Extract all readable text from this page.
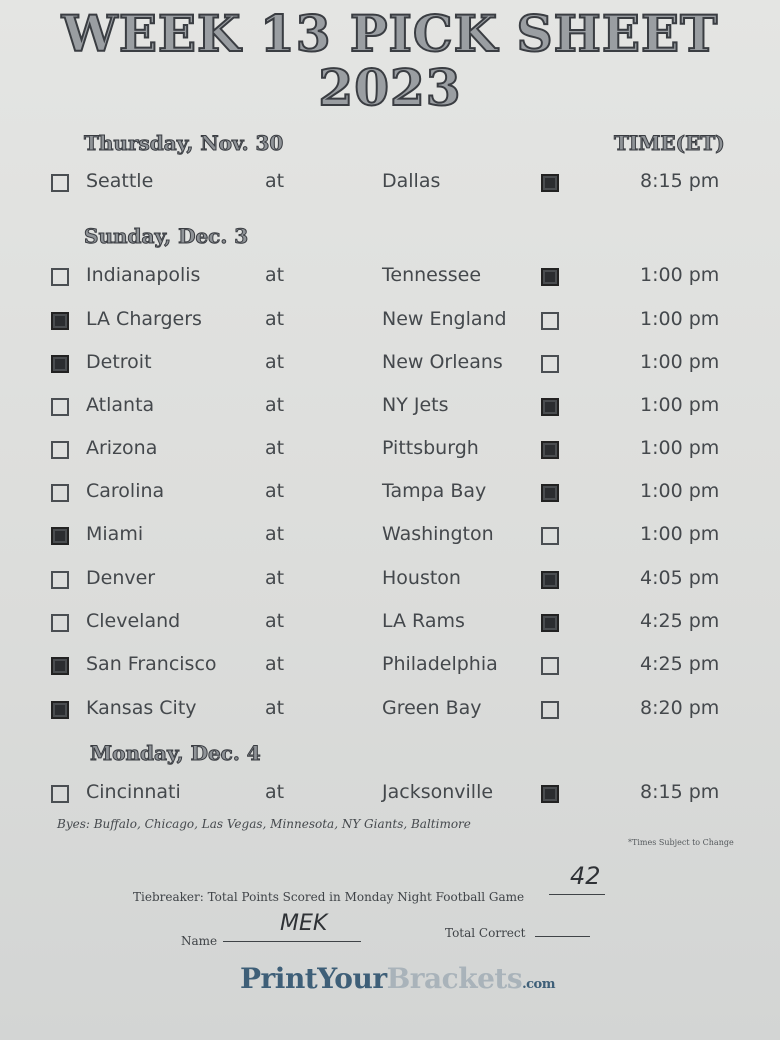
WEEK 13 PICK SHEET
2023
Thursday, Nov. 30	TIME(ET)
Sunday, Dec. 3
Monday, Dec. 4
Seattle	at	Dallas	8:15 pm
Indianapolis	at	Tennessee	1:00 pm
LA Chargers	at	New England	1:00 pm
Detroit	at	New Orleans	1:00 pm
Atlanta	at	NY Jets	1:00 pm
Arizona	at	Pittsburgh	1:00 pm
Carolina	at	Tampa Bay	1:00 pm
Miami	at	Washington	1:00 pm
Denver	at	Houston	4:05 pm
Cleveland	at	LA Rams	4:25 pm
San Francisco	at	Philadelphia	4:25 pm
Kansas City	at	Green Bay	8:20 pm
Cincinnati	at	Jacksonville	8:15 pm
Byes: Buffalo, Chicago, Las Vegas, Minnesota, NY Giants, Baltimore
*Times Subject to Change
Tiebreaker: Total Points Scored in Monday Night Football Game
42
Name
MEK	Total Correct
PrintYourBrackets.com
